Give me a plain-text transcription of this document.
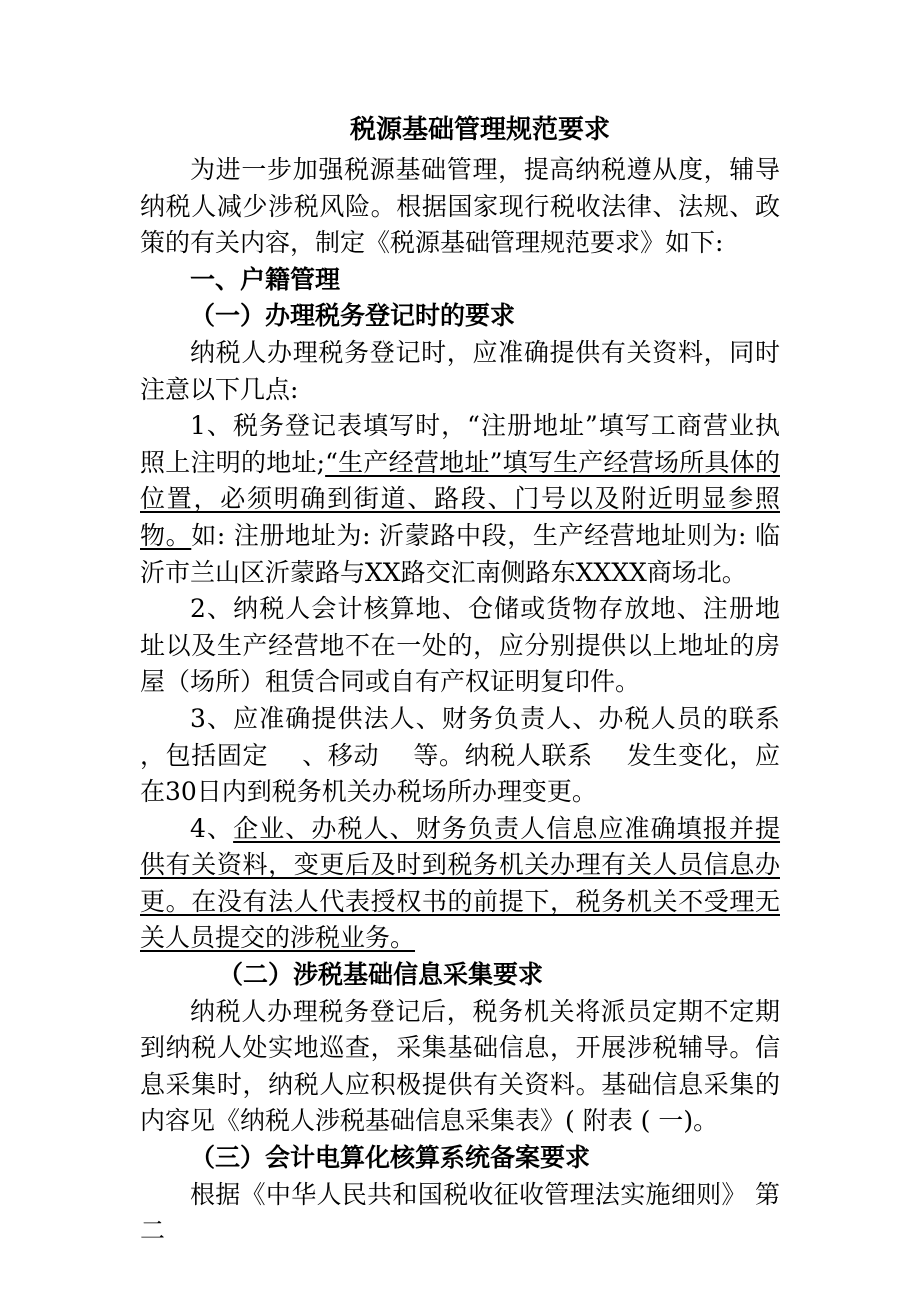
税源基础管理规范要求

为进一步加强税源基础管理，提高纳税遵从度，辅导纳税人减少涉税风险。根据国家现行税收法律、法规、政策的有关内容，制定《税源基础管理规范要求》如下:

一、户籍管理
（一）办理税务登记时的要求

纳税人办理税务登记时，应准确提供有关资料，同时注意以下几点:

1、税务登记表填写时，“注册地址”填写工商营业执照上注明的地址;“生产经营地址”填写生产经营场所具体的位置，必须明确到街道、路段、门号以及附近明显参照物。如: 注册地址为: 沂蒙路中段，生产经营地址则为: 临沂市兰山区沂蒙路与XX路交汇南侧路东XXXX商场北。

2、纳税人会计核算地、仓储或货物存放地、注册地址以及生产经营地不在一处的，应分别提供以上地址的房屋（场所）租赁合同或自有产权证明复印件。

3、应准确提供法人、财务负责人、办税人员的联系　 ，包括固定　 、移动　 等。纳税人联系　 发生变化，应在30日内到税务机关办税场所办理变更。

4、企业、办税人、财务负责人信息应准确填报并提供有关资料，变更后及时到税务机关办理有关人员信息办更。在没有法人代表授权书的前提下，税务机关不受理无关人员提交的涉税业务。

（二）涉税基础信息采集要求

纳税人办理税务登记后，税务机关将派员定期不定期到纳税人处实地巡查，采集基础信息，开展涉税辅导。信息采集时，纳税人应积极提供有关资料。基础信息采集的内容见《纳税人涉税基础信息采集表》( 附表 ( 一)。

（三）会计电算化核算系统备案要求

根据《中华人民共和国税收征收管理法实施细则》 第二
